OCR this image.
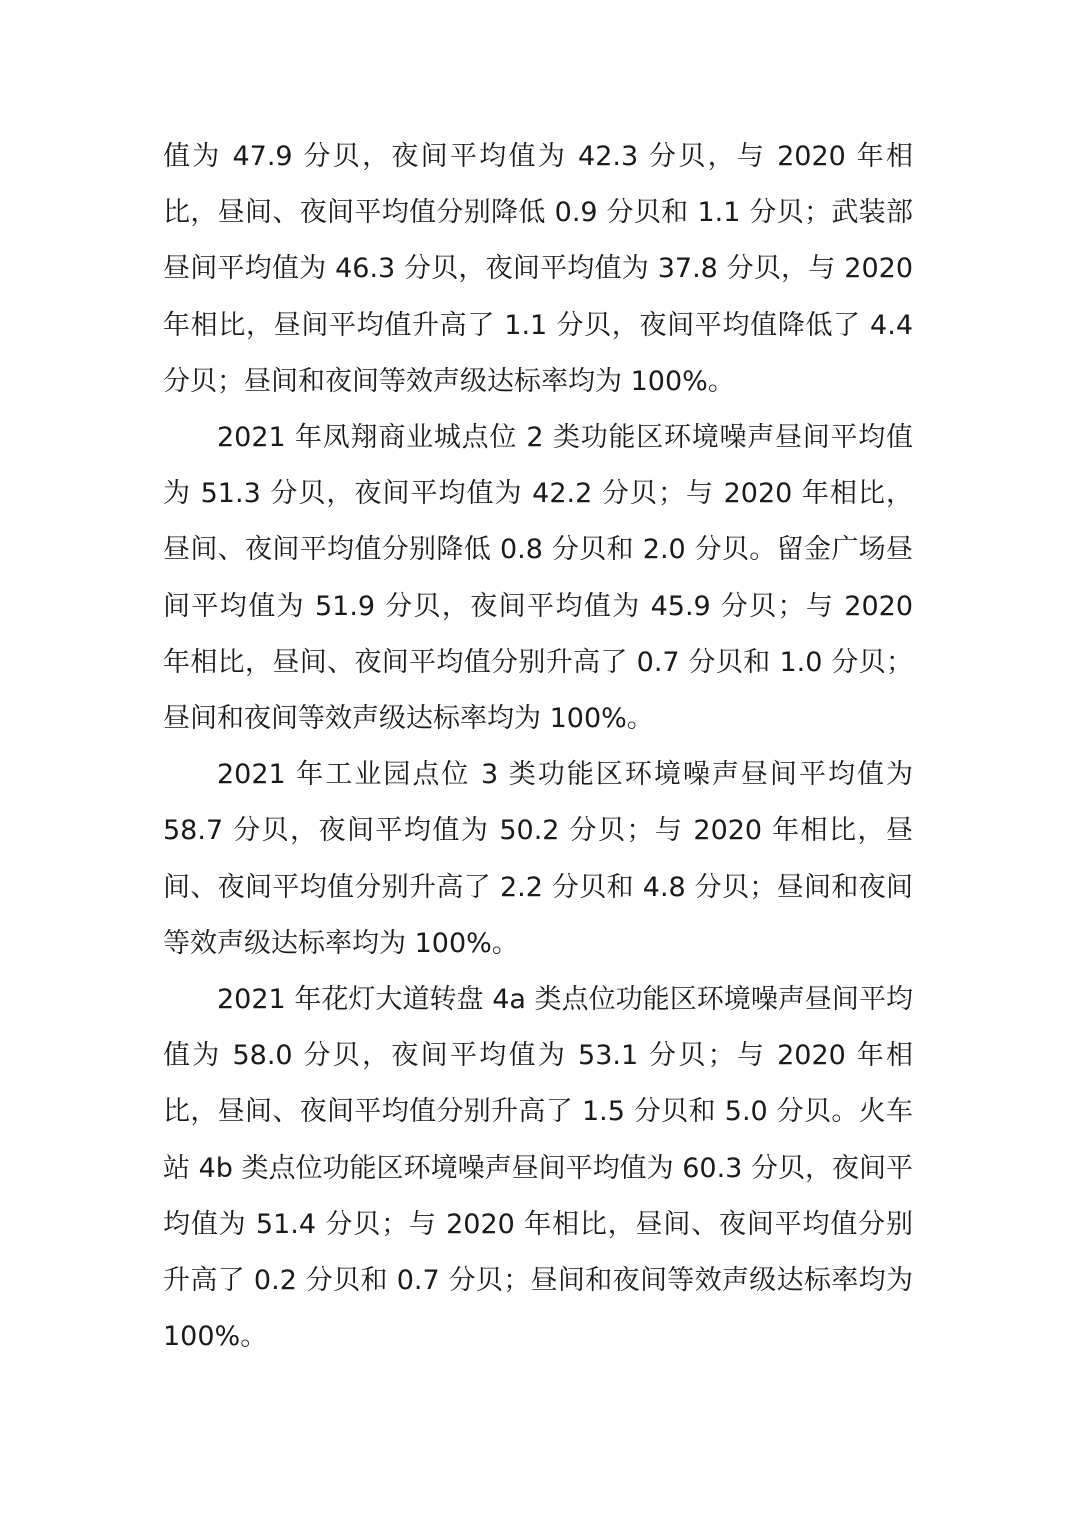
值为 47.9 分贝，夜间平均值为 42.3 分贝，与 2020 年相比，昼间、夜间平均值分别降低 0.9 分贝和 1.1 分贝；武装部昼间平均值为 46.3 分贝，夜间平均值为 37.8 分贝，与 2020 年相比，昼间平均值升高了 1.1 分贝，夜间平均值降低了 4.4 分贝；昼间和夜间等效声级达标率均为 100%。

2021 年凤翔商业城点位 2 类功能区环境噪声昼间平均值为 51.3 分贝，夜间平均值为 42.2 分贝；与 2020 年相比，昼间、夜间平均值分别降低 0.8 分贝和 2.0 分贝。留金广场昼间平均值为 51.9 分贝，夜间平均值为 45.9 分贝；与 2020 年相比，昼间、夜间平均值分别升高了 0.7 分贝和 1.0 分贝；昼间和夜间等效声级达标率均为 100%。

2021 年工业园点位 3 类功能区环境噪声昼间平均值为 58.7 分贝，夜间平均值为 50.2 分贝；与 2020 年相比，昼间、夜间平均值分别升高了 2.2 分贝和 4.8 分贝；昼间和夜间等效声级达标率均为 100%。

2021 年花灯大道转盘 4a 类点位功能区环境噪声昼间平均值为 58.0 分贝，夜间平均值为 53.1 分贝；与 2020 年相比，昼间、夜间平均值分别升高了 1.5 分贝和 5.0 分贝。火车站 4b 类点位功能区环境噪声昼间平均值为 60.3 分贝，夜间平均值为 51.4 分贝；与 2020 年相比，昼间、夜间平均值分别升高了 0.2 分贝和 0.7 分贝；昼间和夜间等效声级达标率均为 100%。
